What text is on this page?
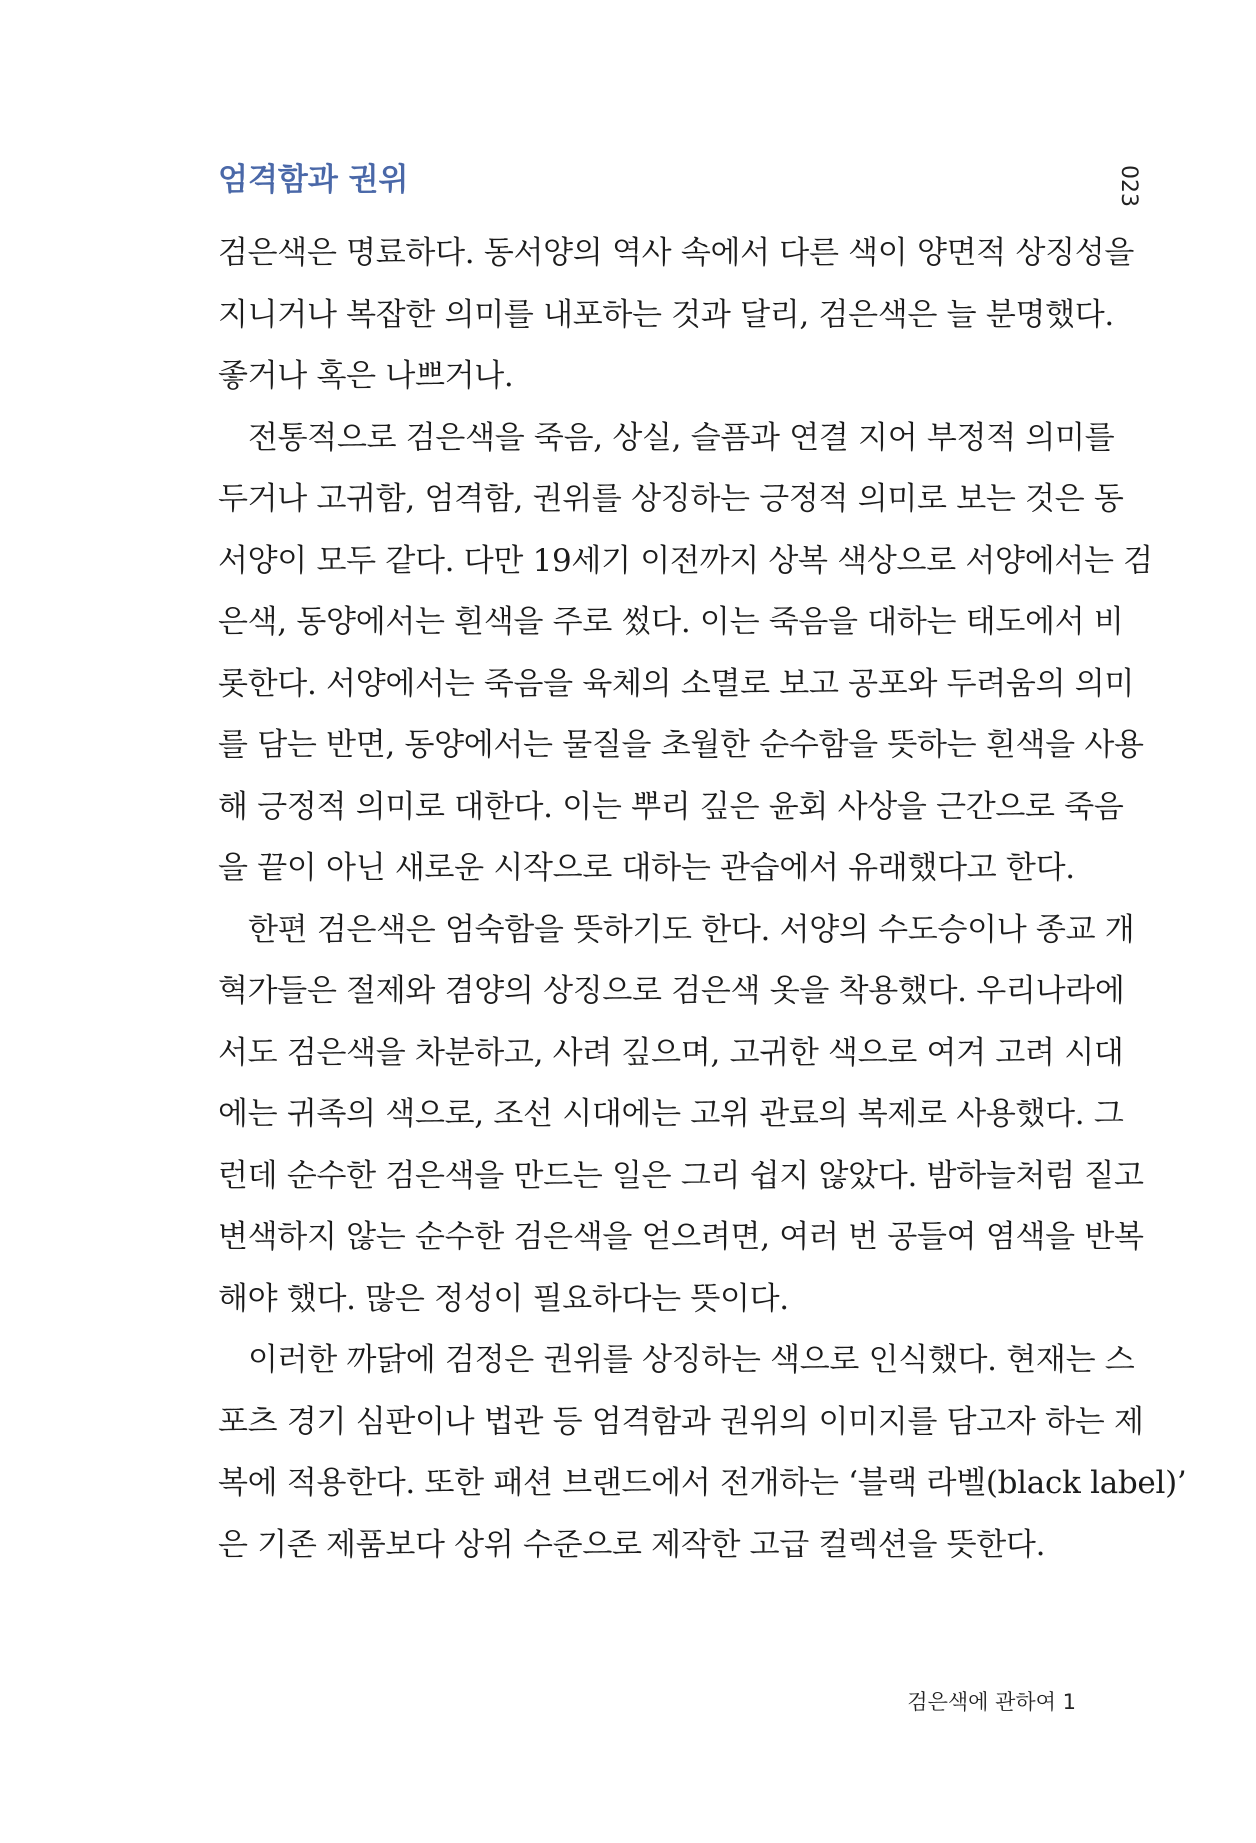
엄격함과 권위	023
검은색은 명료하다. 동서양의 역사 속에서 다른 색이 양면적 상징성을
지니거나 복잡한 의미를 내포하는 것과 달리, 검은색은 늘 분명했다.
좋거나 혹은 나쁘거나.
전통적으로 검은색을 죽음, 상실, 슬픔과 연결 지어 부정적 의미를
두거나 고귀함, 엄격함, 권위를 상징하는 긍정적 의미로 보는 것은 동
서양이 모두 같다. 다만 19세기 이전까지 상복 색상으로 서양에서는 검
은색, 동양에서는 흰색을 주로 썼다. 이는 죽음을 대하는 태도에서 비
롯한다. 서양에서는 죽음을 육체의 소멸로 보고 공포와 두려움의 의미
를 담는 반면, 동양에서는 물질을 초월한 순수함을 뜻하는 흰색을 사용
해 긍정적 의미로 대한다. 이는 뿌리 깊은 윤회 사상을 근간으로 죽음
을 끝이 아닌 새로운 시작으로 대하는 관습에서 유래했다고 한다.
한편 검은색은 엄숙함을 뜻하기도 한다. 서양의 수도승이나 종교 개
혁가들은 절제와 겸양의 상징으로 검은색 옷을 착용했다. 우리나라에
서도 검은색을 차분하고, 사려 깊으며, 고귀한 색으로 여겨 고려 시대
에는 귀족의 색으로, 조선 시대에는 고위 관료의 복제로 사용했다. 그
런데 순수한 검은색을 만드는 일은 그리 쉽지 않았다. 밤하늘처럼 짙고
변색하지 않는 순수한 검은색을 얻으려면, 여러 번 공들여 염색을 반복
해야 했다. 많은 정성이 필요하다는 뜻이다.
이러한 까닭에 검정은 권위를 상징하는 색으로 인식했다. 현재는 스
포츠 경기 심판이나 법관 등 엄격함과 권위의 이미지를 담고자 하는 제
복에 적용한다. 또한 패션 브랜드에서 전개하는 ‘블랙 라벨(black label)’
은 기존 제품보다 상위 수준으로 제작한 고급 컬렉션을 뜻한다.
검은색에 관하여 1
